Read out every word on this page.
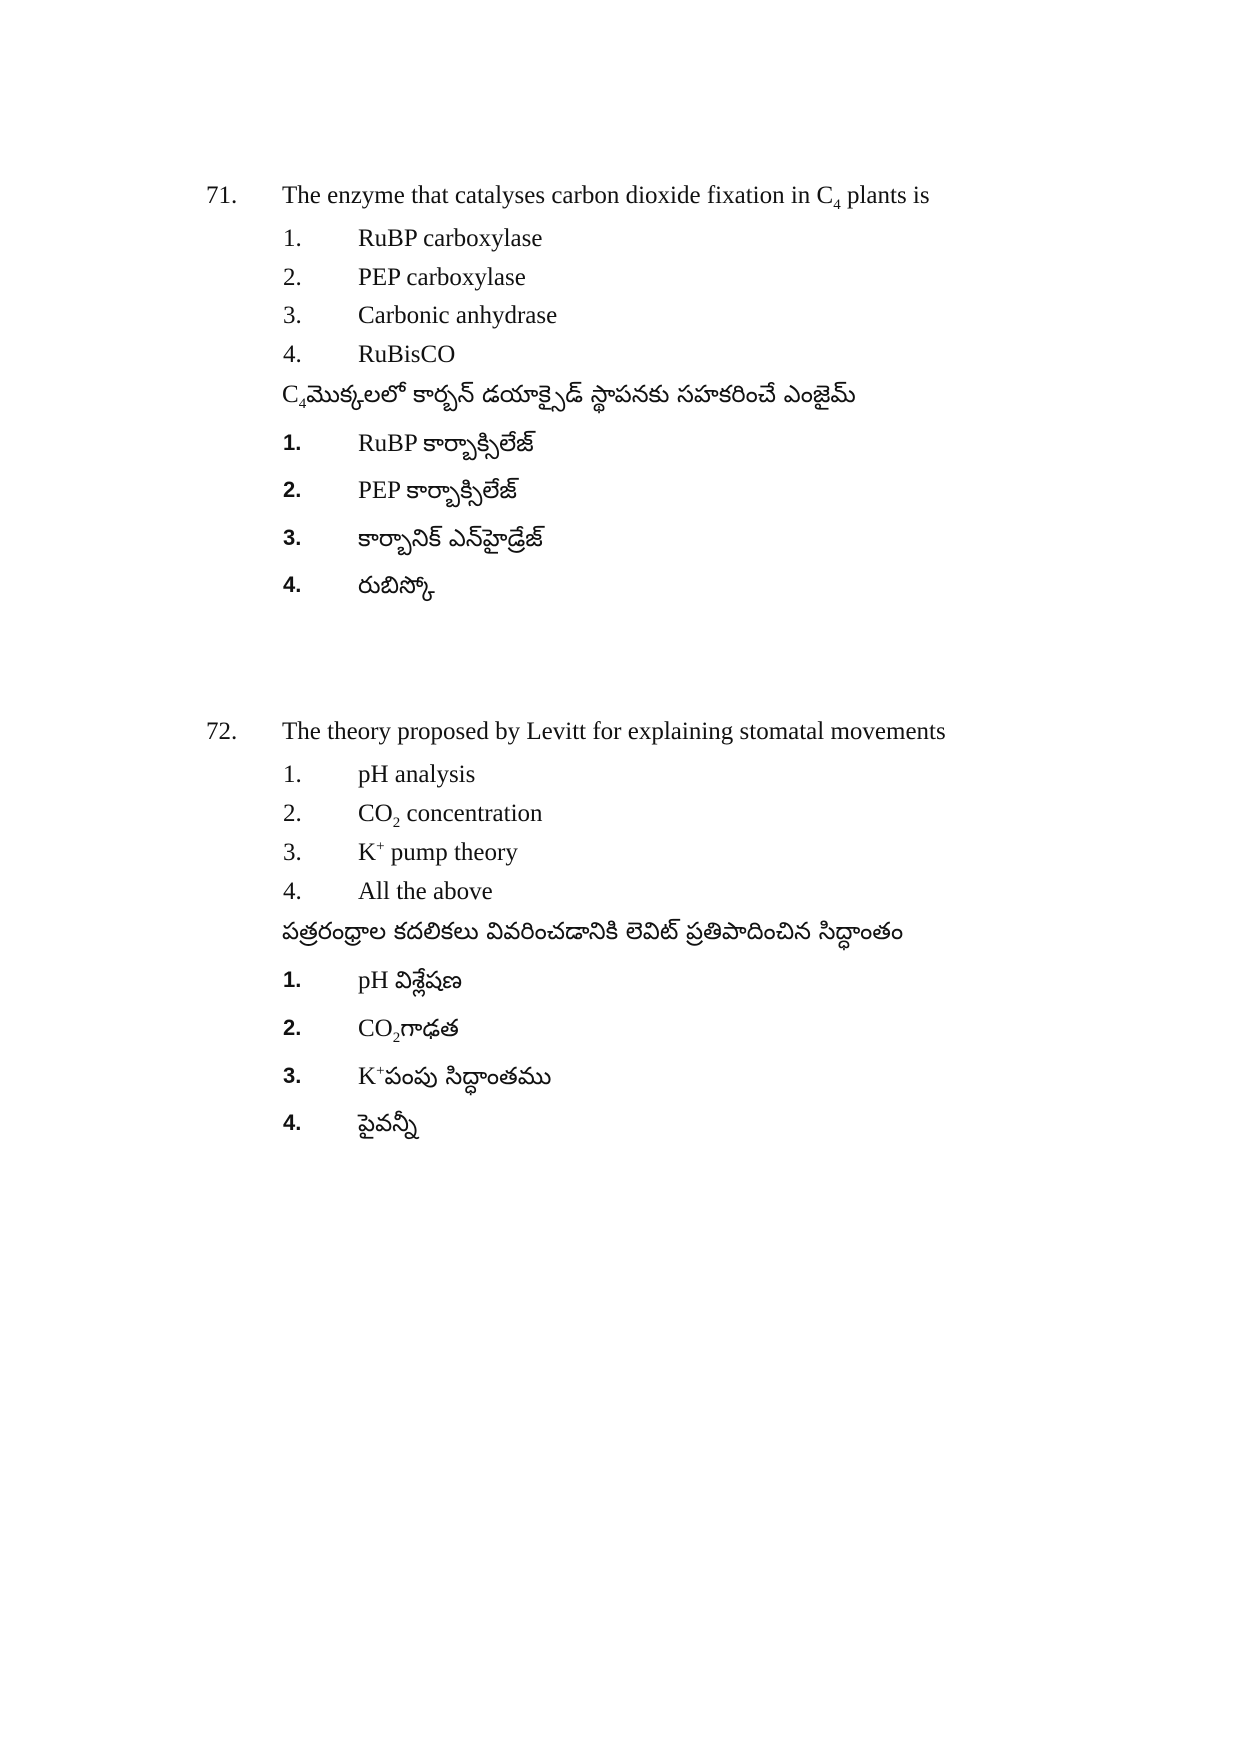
71. The enzyme that catalyses carbon dioxide fixation in $C_4$ plants is
1. RuBP carboxylase
2. PEP carboxylase
3. Carbonic anhydrase
4. RuBisCO
$C_4మొక్కలలో$ కార్బన్ డయాక్సైడ్ స్థాపనకు సహకరించే ఎంజైమ్
1. RuBP కార్బాక్సిలేజ్
2. PEP కార్బాక్సిలేజ్
3. కార్బానిక్ ఎన్‌హైడ్రేజ్
4. రుబిస్కో
72. The theory proposed by Levitt for explaining stomatal movements
1. pH analysis
2. $CO_2$ concentration
3. K+ pump theory
4. All the above
పత్రరంధ్రాల కదలికలు వివరించడానికి లెవిట్ ప్రతిపాదించిన సిద్ధాంతం
1. pH విశ్లేషణ
2. $CO_2గాఢత$
3. K+పంపు సిద్ధాంతము
4. పైవన్నీ
